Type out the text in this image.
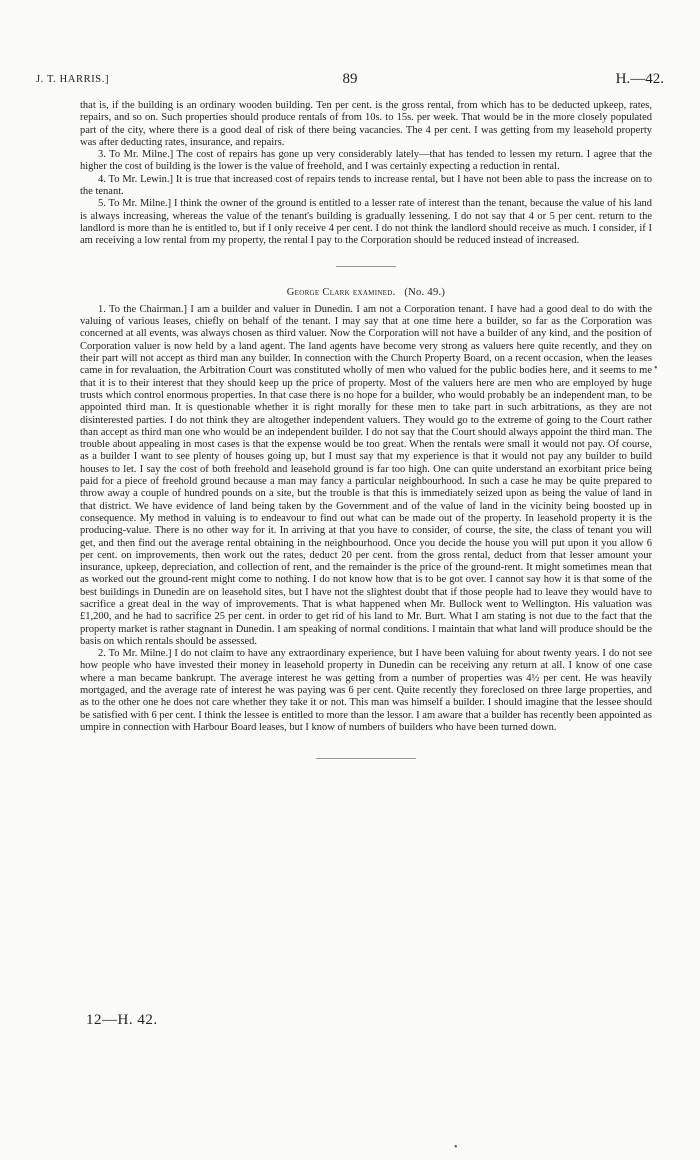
J. T. HARRIS.]	89	H.—42.

that is, if the building is an ordinary wooden building. Ten per cent. is the gross rental, from which has to be deducted upkeep, rates, repairs, and so on. Such properties should produce rentals of from 10s. to 15s. per week. That would be in the more closely populated part of the city, where there is a good deal of risk of there being vacancies. The 4 per cent. I was getting from my leasehold property was after deducting rates, insurance, and repairs.

3. To Mr. Milne.] The cost of repairs has gone up very considerably lately—that has tended to lessen my return. I agree that the higher the cost of building is the lower is the value of freehold, and I was certainly expecting a reduction in rental.

4. To Mr. Lewin.] It is true that increased cost of repairs tends to increase rental, but I have not been able to pass the increase on to the tenant.

5. To Mr. Milne.] I think the owner of the ground is entitled to a lesser rate of interest than the tenant, because the value of his land is always increasing, whereas the value of the tenant's building is gradually lessening. I do not say that 4 or 5 per cent. return to the landlord is more than he is entitled to, but if I only receive 4 per cent. I do not think the landlord should receive as much. I consider, if I am receiving a low rental from my property, the rental I pay to the Corporation should be reduced instead of increased.

George Clark examined. (No. 49.)

1. To the Chairman.] I am a builder and valuer in Dunedin. I am not a Corporation tenant. I have had a good deal to do with the valuing of various leases, chiefly on behalf of the tenant. I may say that at one time here a builder, so far as the Corporation was concerned at all events, was always chosen as third valuer. Now the Corporation will not have a builder of any kind, and the position of Corporation valuer is now held by a land agent. The land agents have become very strong as valuers here quite recently, and they on their part will not accept as third man any builder. In connection with the Church Property Board, on a recent occasion, when the leases came in for revaluation, the Arbitration Court was constituted wholly of men who valued for the public bodies here, and it seems to me that it is to their interest that they should keep up the price of property. Most of the valuers here are men who are employed by huge trusts which control enormous properties. In that case there is no hope for a builder, who would probably be an independent man, to be appointed third man. It is questionable whether it is right morally for these men to take part in such arbitrations, as they are not disinterested parties. I do not think they are altogether independent valuers. They would go to the extreme of going to the Court rather than accept as third man one who would be an independent builder. I do not say that the Court should always appoint the third man. The trouble about appealing in most cases is that the expense would be too great. When the rentals were small it would not pay. Of course, as a builder I want to see plenty of houses going up, but I must say that my experience is that it would not pay any builder to build houses to let. I say the cost of both freehold and leasehold ground is far too high. One can quite understand an exorbitant price being paid for a piece of freehold ground because a man may fancy a particular neighbourhood. In such a case he may be quite prepared to throw away a couple of hundred pounds on a site, but the trouble is that this is immediately seized upon as being the value of land in that district. We have evidence of land being taken by the Government and of the value of land in the vicinity being boosted up in consequence. My method in valuing is to endeavour to find out what can be made out of the property. In leasehold property it is the producing-value. There is no other way for it. In arriving at that you have to consider, of course, the site, the class of tenant you will get, and then find out the average rental obtaining in the neighbourhood. Once you decide the house you will put upon it you allow 6 per cent. on improvements, then work out the rates, deduct 20 per cent. from the gross rental, deduct from that lesser amount your insurance, upkeep, depreciation, and collection of rent, and the remainder is the price of the ground-rent. It might sometimes mean that as worked out the ground-rent might come to nothing. I do not know how that is to be got over. I cannot say how it is that some of the best buildings in Dunedin are on leasehold sites, but I have not the slightest doubt that if those people had to leave they would have to sacrifice a great deal in the way of improvements. That is what happened when Mr. Bullock went to Wellington. His valuation was £1,200, and he had to sacrifice 25 per cent. in order to get rid of his land to Mr. Burt. What I am stating is not due to the fact that the property market is rather stagnant in Dunedin. I am speaking of normal conditions. I maintain that what land will produce should be the basis on which rentals should be assessed.

2. To Mr. Milne.] I do not claim to have any extraordinary experience, but I have been valuing for about twenty years. I do not see how people who have invested their money in leasehold property in Dunedin can be receiving any return at all. I know of one case where a man became bankrupt. The average interest he was getting from a number of properties was 4½ per cent. He was heavily mortgaged, and the average rate of interest he was paying was 6 per cent. Quite recently they foreclosed on three large properties, and as to the other one he does not care whether they take it or not. This man was himself a builder. I should imagine that the lessee should be satisfied with 6 per cent. I think the lessee is entitled to more than the lessor. I am aware that a builder has recently been appointed as umpire in connection with Harbour Board leases, but I know of numbers of builders who have been turned down.

12—H. 42.
•
•
